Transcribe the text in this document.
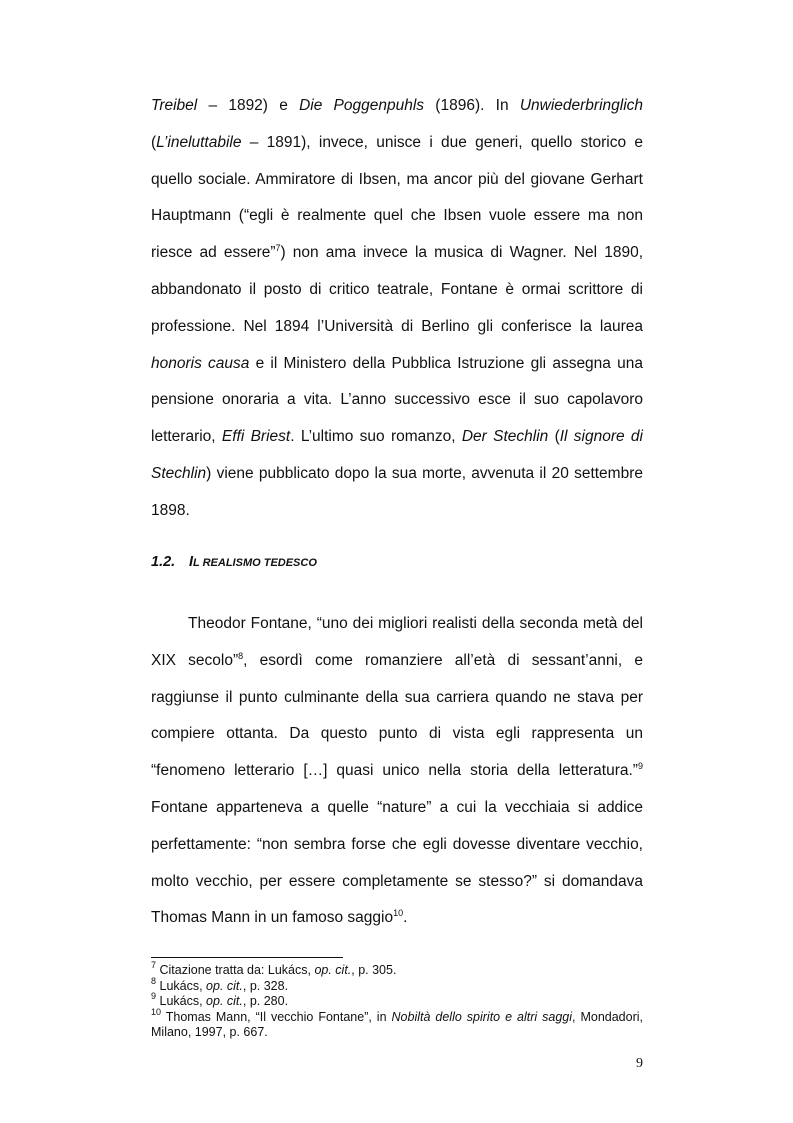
Treibel – 1892) e Die Poggenpuhls (1896). In Unwiederbringlich (L’ineluttabile – 1891), invece, unisce i due generi, quello storico e quello sociale. Ammiratore di Ibsen, ma ancor più del giovane Gerhart Hauptmann (“egli è realmente quel che Ibsen vuole essere ma non riesce ad essere”$^7$) non ama invece la musica di Wagner. Nel 1890, abbandonato il posto di critico teatrale, Fontane è ormai scrittore di professione. Nel 1894 l’Università di Berlino gli conferisce la laurea honoris causa e il Ministero della Pubblica Istruzione gli assegna una pensione onoraria a vita. L’anno successivo esce il suo capolavoro letterario, Effi Briest. L’ultimo suo romanzo, Der Stechlin (Il signore di Stechlin) viene pubblicato dopo la sua morte, avvenuta il 20 settembre 1898.

1.2. IL REALISMO TEDESCO

Theodor Fontane, “uno dei migliori realisti della seconda metà del XIX secolo”$^8$, esordì come romanziere all’età di sessant’anni, e raggiunse il punto culminante della sua carriera quando ne stava per compiere ottanta. Da questo punto di vista egli rappresenta un “fenomeno letterario […] quasi unico nella storia della letteratura.”$^9$ Fontane apparteneva a quelle “nature” a cui la vecchiaia si addice perfettamente: “non sembra forse che egli dovesse diventare vecchio, molto vecchio, per essere completamente se stesso?” si domandava Thomas Mann in un famoso saggio$^{10}$.

$^7$ Citazione tratta da: Lukács, op. cit., p. 305.
$^8$ Lukács, op. cit., p. 328.
$^9$ Lukács, op. cit., p. 280.
$^{10}$ Thomas Mann, “Il vecchio Fontane”, in Nobiltà dello spirito e altri saggi, Mondadori, Milano, 1997, p. 667.
9
